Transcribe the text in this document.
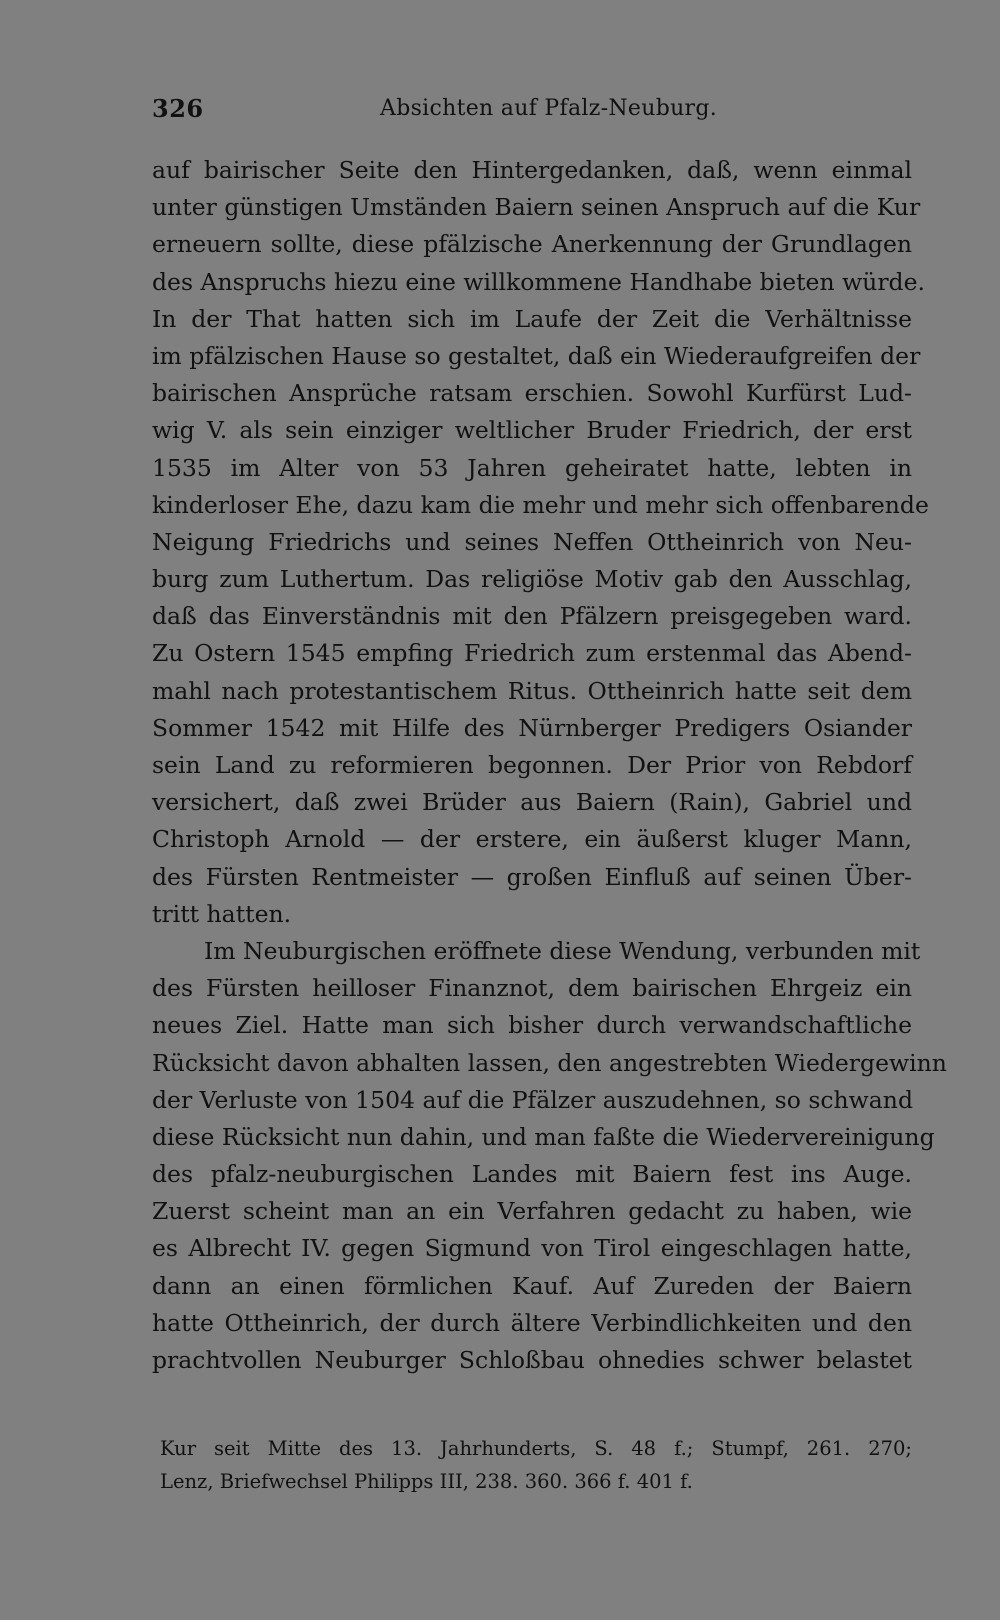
326	Absichten auf Pfalz-Neuburg.
auf bairischer Seite den Hintergedanken, daß, wenn einmal
unter günstigen Umständen Baiern seinen Anspruch auf die Kur
erneuern sollte, diese pfälzische Anerkennung der Grundlagen
des Anspruchs hiezu eine willkommene Handhabe bieten würde.
In der That hatten sich im Laufe der Zeit die Verhältnisse
im pfälzischen Hause so gestaltet, daß ein Wiederaufgreifen der
bairischen Ansprüche ratsam erschien. Sowohl Kurfürst Lud-
wig V. als sein einziger weltlicher Bruder Friedrich, der erst
1535 im Alter von 53 Jahren geheiratet hatte, lebten in
kinderloser Ehe, dazu kam die mehr und mehr sich offenbarende
Neigung Friedrichs und seines Neffen Ottheinrich von Neu-
burg zum Luthertum. Das religiöse Motiv gab den Ausschlag,
daß das Einverständnis mit den Pfälzern preisgegeben ward.
Zu Ostern 1545 empfing Friedrich zum erstenmal das Abend-
mahl nach protestantischem Ritus. Ottheinrich hatte seit dem
Sommer 1542 mit Hilfe des Nürnberger Predigers Osiander
sein Land zu reformieren begonnen. Der Prior von Rebdorf
versichert, daß zwei Brüder aus Baiern (Rain), Gabriel und
Christoph Arnold — der erstere, ein äußerst kluger Mann,
des Fürsten Rentmeister — großen Einfluß auf seinen Über-
tritt hatten.
Im Neuburgischen eröffnete diese Wendung, verbunden mit
des Fürsten heilloser Finanznot, dem bairischen Ehrgeiz ein
neues Ziel. Hatte man sich bisher durch verwandschaftliche
Rücksicht davon abhalten lassen, den angestrebten Wiedergewinn
der Verluste von 1504 auf die Pfälzer auszudehnen, so schwand
diese Rücksicht nun dahin, und man faßte die Wiedervereinigung
des pfalz-neuburgischen Landes mit Baiern fest ins Auge.
Zuerst scheint man an ein Verfahren gedacht zu haben, wie
es Albrecht IV. gegen Sigmund von Tirol eingeschlagen hatte,
dann an einen förmlichen Kauf. Auf Zureden der Baiern
hatte Ottheinrich, der durch ältere Verbindlichkeiten und den
prachtvollen Neuburger Schloßbau ohnedies schwer belastet
Kur seit Mitte des 13. Jahrhunderts, S. 48 f.; Stumpf, 261. 270;
Lenz, Briefwechsel Philipps III, 238. 360. 366 f. 401 f.
